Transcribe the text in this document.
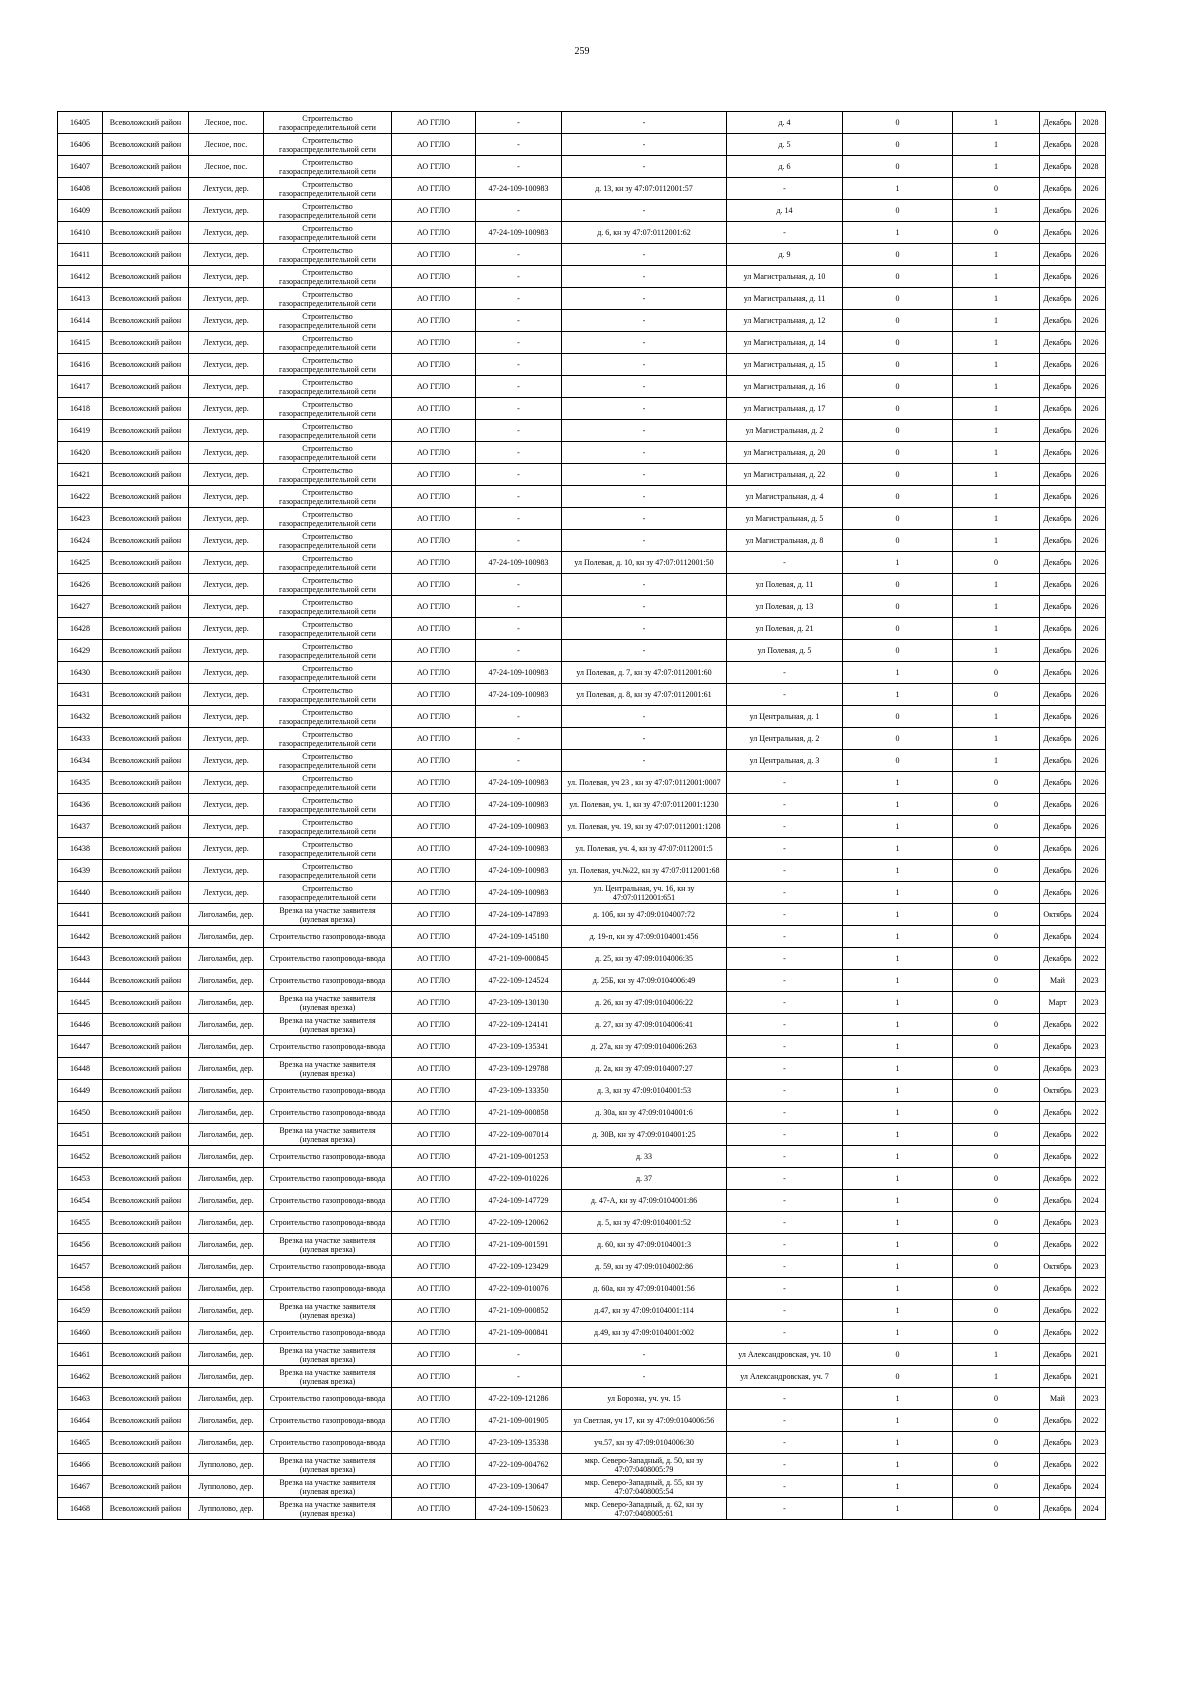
259
16405	Всеволожский район	Лесное, пос.	Строительство газораспределительной сети	АО ГГЛО	-	-	д. 4	0	1	Декабрь	2028
16406	Всеволожский район	Лесное, пос.	Строительство газораспределительной сети	АО ГГЛО	-	-	д. 5	0	1	Декабрь	2028
16407	Всеволожский район	Лесное, пос.	Строительство газораспределительной сети	АО ГГЛО	-	-	д. 6	0	1	Декабрь	2028
16408	Всеволожский район	Лехтуси, дер.	Строительство газораспределительной сети	АО ГГЛО	47-24-109-100983	д. 13, кн зу 47:07:0112001:57	-	1	0	Декабрь	2026
16409	Всеволожский район	Лехтуси, дер.	Строительство газораспределительной сети	АО ГГЛО	-	-	д. 14	0	1	Декабрь	2026
16410	Всеволожский район	Лехтуси, дер.	Строительство газораспределительной сети	АО ГГЛО	47-24-109-100983	д. 6, кн зу 47:07:0112001:62	-	1	0	Декабрь	2026
16411	Всеволожский район	Лехтуси, дер.	Строительство газораспределительной сети	АО ГГЛО	-	-	д. 9	0	1	Декабрь	2026
16412	Всеволожский район	Лехтуси, дер.	Строительство газораспределительной сети	АО ГГЛО	-	-	ул Магистральная, д. 10	0	1	Декабрь	2026
16413	Всеволожский район	Лехтуси, дер.	Строительство газораспределительной сети	АО ГГЛО	-	-	ул Магистральная, д. 11	0	1	Декабрь	2026
16414	Всеволожский район	Лехтуси, дер.	Строительство газораспределительной сети	АО ГГЛО	-	-	ул Магистральная, д. 12	0	1	Декабрь	2026
16415	Всеволожский район	Лехтуси, дер.	Строительство газораспределительной сети	АО ГГЛО	-	-	ул Магистральная, д. 14	0	1	Декабрь	2026
16416	Всеволожский район	Лехтуси, дер.	Строительство газораспределительной сети	АО ГГЛО	-	-	ул Магистральная, д. 15	0	1	Декабрь	2026
16417	Всеволожский район	Лехтуси, дер.	Строительство газораспределительной сети	АО ГГЛО	-	-	ул Магистральная, д. 16	0	1	Декабрь	2026
16418	Всеволожский район	Лехтуси, дер.	Строительство газораспределительной сети	АО ГГЛО	-	-	ул Магистральная, д. 17	0	1	Декабрь	2026
16419	Всеволожский район	Лехтуси, дер.	Строительство газораспределительной сети	АО ГГЛО	-	-	ул Магистральная, д. 2	0	1	Декабрь	2026
16420	Всеволожский район	Лехтуси, дер.	Строительство газораспределительной сети	АО ГГЛО	-	-	ул Магистральная, д. 20	0	1	Декабрь	2026
16421	Всеволожский район	Лехтуси, дер.	Строительство газораспределительной сети	АО ГГЛО	-	-	ул Магистральная, д. 22	0	1	Декабрь	2026
16422	Всеволожский район	Лехтуси, дер.	Строительство газораспределительной сети	АО ГГЛО	-	-	ул Магистральная, д. 4	0	1	Декабрь	2026
16423	Всеволожский район	Лехтуси, дер.	Строительство газораспределительной сети	АО ГГЛО	-	-	ул Магистральная, д. 5	0	1	Декабрь	2026
16424	Всеволожский район	Лехтуси, дер.	Строительство газораспределительной сети	АО ГГЛО	-	-	ул Магистральная, д. 8	0	1	Декабрь	2026
16425	Всеволожский район	Лехтуси, дер.	Строительство газораспределительной сети	АО ГГЛО	47-24-109-100983	ул Полевая, д. 10, кн зу 47:07:0112001:50	-	1	0	Декабрь	2026
16426	Всеволожский район	Лехтуси, дер.	Строительство газораспределительной сети	АО ГГЛО	-	-	ул Полевая, д. 11	0	1	Декабрь	2026
16427	Всеволожский район	Лехтуси, дер.	Строительство газораспределительной сети	АО ГГЛО	-	-	ул Полевая, д. 13	0	1	Декабрь	2026
16428	Всеволожский район	Лехтуси, дер.	Строительство газораспределительной сети	АО ГГЛО	-	-	ул Полевая, д. 21	0	1	Декабрь	2026
16429	Всеволожский район	Лехтуси, дер.	Строительство газораспределительной сети	АО ГГЛО	-	-	ул Полевая, д. 5	0	1	Декабрь	2026
16430	Всеволожский район	Лехтуси, дер.	Строительство газораспределительной сети	АО ГГЛО	47-24-109-100983	ул Полевая, д. 7, кн зу 47:07:0112001:60	-	1	0	Декабрь	2026
16431	Всеволожский район	Лехтуси, дер.	Строительство газораспределительной сети	АО ГГЛО	47-24-109-100983	ул Полевая, д. 8, кн зу 47:07:0112001:61	-	1	0	Декабрь	2026
16432	Всеволожский район	Лехтуси, дер.	Строительство газораспределительной сети	АО ГГЛО	-	-	ул Центральная, д. 1	0	1	Декабрь	2026
16433	Всеволожский район	Лехтуси, дер.	Строительство газораспределительной сети	АО ГГЛО	-	-	ул Центральная, д. 2	0	1	Декабрь	2026
16434	Всеволожский район	Лехтуси, дер.	Строительство газораспределительной сети	АО ГГЛО	-	-	ул Центральная, д. 3	0	1	Декабрь	2026
16435	Всеволожский район	Лехтуси, дер.	Строительство газораспределительной сети	АО ГГЛО	47-24-109-100983	ул. Полевая, уч 23 , кн зу 47:07:0112001:0007	-	1	0	Декабрь	2026
16436	Всеволожский район	Лехтуси, дер.	Строительство газораспределительной сети	АО ГГЛО	47-24-109-100983	ул. Полевая, уч. 1, кн зу 47:07:0112001:1230	-	1	0	Декабрь	2026
16437	Всеволожский район	Лехтуси, дер.	Строительство газораспределительной сети	АО ГГЛО	47-24-109-100983	ул. Полевая, уч. 19, кн зу 47:07:0112001:1208	-	1	0	Декабрь	2026
16438	Всеволожский район	Лехтуси, дер.	Строительство газораспределительной сети	АО ГГЛО	47-24-109-100983	ул. Полевая, уч. 4, кн зу 47:07:0112001:5	-	1	0	Декабрь	2026
16439	Всеволожский район	Лехтуси, дер.	Строительство газораспределительной сети	АО ГГЛО	47-24-109-100983	ул. Полевая, уч.№22, кн зу 47:07:0112001:68	-	1	0	Декабрь	2026
16440	Всеволожский район	Лехтуси, дер.	Строительство газораспределительной сети	АО ГГЛО	47-24-109-100983	ул. Центральная, уч. 16, кн зу 47:07:0112001:651	-	1	0	Декабрь	2026
16441	Всеволожский район	Лиголамби, дер.	Врезка на участке заявителя (нулевая врезка)	АО ГГЛО	47-24-109-147893	д. 10б, кн зу 47:09:0104007:72	-	1	0	Октябрь	2024
16442	Всеволожский район	Лиголамби, дер.	Строительство газопровода-ввода	АО ГГЛО	47-24-109-145180	д. 19-п, кн зу 47:09:0104001:456	-	1	0	Декабрь	2024
16443	Всеволожский район	Лиголамби, дер.	Строительство газопровода-ввода	АО ГГЛО	47-21-109-000845	д. 25, кн зу 47:09:0104006:35	-	1	0	Декабрь	2022
16444	Всеволожский район	Лиголамби, дер.	Строительство газопровода-ввода	АО ГГЛО	47-22-109-124524	д. 25Б, кн зу 47:09:0104006:49	-	1	0	Май	2023
16445	Всеволожский район	Лиголамби, дер.	Врезка на участке заявителя (нулевая врезка)	АО ГГЛО	47-23-109-130130	д. 26, кн зу 47:09:0104006:22	-	1	0	Март	2023
16446	Всеволожский район	Лиголамби, дер.	Врезка на участке заявителя (нулевая врезка)	АО ГГЛО	47-22-109-124141	д. 27, кн зу 47:09:0104006:41	-	1	0	Декабрь	2022
16447	Всеволожский район	Лиголамби, дер.	Строительство газопровода-ввода	АО ГГЛО	47-23-109-135341	д. 27а, кн зу 47:09:0104006:263	-	1	0	Декабрь	2023
16448	Всеволожский район	Лиголамби, дер.	Врезка на участке заявителя (нулевая врезка)	АО ГГЛО	47-23-109-129788	д. 2а, кн зу 47:09:0104007:27	-	1	0	Декабрь	2023
16449	Всеволожский район	Лиголамби, дер.	Строительство газопровода-ввода	АО ГГЛО	47-23-109-133350	д. 3, кн зу 47:09:0104001:53	-	1	0	Октябрь	2023
16450	Всеволожский район	Лиголамби, дер.	Строительство газопровода-ввода	АО ГГЛО	47-21-109-000858	д. 30а, кн зу 47:09:0104001:6	-	1	0	Декабрь	2022
16451	Всеволожский район	Лиголамби, дер.	Врезка на участке заявителя (нулевая врезка)	АО ГГЛО	47-22-109-007014	д. 30В, кн зу 47:09:0104001:25	-	1	0	Декабрь	2022
16452	Всеволожский район	Лиголамби, дер.	Строительство газопровода-ввода	АО ГГЛО	47-21-109-001253	д. 33	-	1	0	Декабрь	2022
16453	Всеволожский район	Лиголамби, дер.	Строительство газопровода-ввода	АО ГГЛО	47-22-109-010226	д. 37	-	1	0	Декабрь	2022
16454	Всеволожский район	Лиголамби, дер.	Строительство газопровода-ввода	АО ГГЛО	47-24-109-147729	д. 47-А, кн зу 47:09:0104001:86	-	1	0	Декабрь	2024
16455	Всеволожский район	Лиголамби, дер.	Строительство газопровода-ввода	АО ГГЛО	47-22-109-120062	д. 5, кн зу 47:09:0104001:52	-	1	0	Декабрь	2023
16456	Всеволожский район	Лиголамби, дер.	Врезка на участке заявителя (нулевая врезка)	АО ГГЛО	47-21-109-001591	д. 60, кн зу 47:09:0104001:3	-	1	0	Декабрь	2022
16457	Всеволожский район	Лиголамби, дер.	Строительство газопровода-ввода	АО ГГЛО	47-22-109-123429	д. 59, кн зу 47:09:0104002:86	-	1	0	Октябрь	2023
16458	Всеволожский район	Лиголамби, дер.	Строительство газопровода-ввода	АО ГГЛО	47-22-109-010076	д. 60а, кн зу 47:09:0104001:56	-	1	0	Декабрь	2022
16459	Всеволожский район	Лиголамби, дер.	Врезка на участке заявителя (нулевая врезка)	АО ГГЛО	47-21-109-000852	д.47, кн зу 47:09:0104001:114	-	1	0	Декабрь	2022
16460	Всеволожский район	Лиголамби, дер.	Строительство газопровода-ввода	АО ГГЛО	47-21-109-000841	д.49, кн зу 47:09:0104001:002	-	1	0	Декабрь	2022
16461	Всеволожский район	Лиголамби, дер.	Врезка на участке заявителя (нулевая врезка)	АО ГГЛО	-	-	ул Александровская, уч. 10	0	1	Декабрь	2021
16462	Всеволожский район	Лиголамби, дер.	Врезка на участке заявителя (нулевая врезка)	АО ГГЛО	-	-	ул Александровская, уч. 7	0	1	Декабрь	2021
16463	Всеволожский район	Лиголамби, дер.	Строительство газопровода-ввода	АО ГГЛО	47-22-109-121286	ул Борозна, уч. уч. 15	-	1	0	Май	2023
16464	Всеволожский район	Лиголамби, дер.	Строительство газопровода-ввода	АО ГГЛО	47-21-109-001905	ул Светлая, уч 17, кн зу 47:09:0104006:56	-	1	0	Декабрь	2022
16465	Всеволожский район	Лиголамби, дер.	Строительство газопровода-ввода	АО ГГЛО	47-23-109-135338	уч.57, кн зу 47:09:0104006:30	-	1	0	Декабрь	2023
16466	Всеволожский район	Лупполово, дер.	Врезка на участке заявителя (нулевая врезка)	АО ГГЛО	47-22-109-004762	мкр. Северо-Западный, д. 50, кн зу 47:07:0408005:79	-	1	0	Декабрь	2022
16467	Всеволожский район	Лупполово, дер.	Врезка на участке заявителя (нулевая врезка)	АО ГГЛО	47-23-109-130647	мкр. Северо-Западный, д. 55, кн зу 47:07:0408005:54	-	1	0	Декабрь	2024
16468	Всеволожский район	Лупполово, дер.	Врезка на участке заявителя (нулевая врезка)	АО ГГЛО	47-24-109-150623	мкр. Северо-Западный, д. 62, кн зу 47:07:0408005:61	-	1	0	Декабрь	2024
